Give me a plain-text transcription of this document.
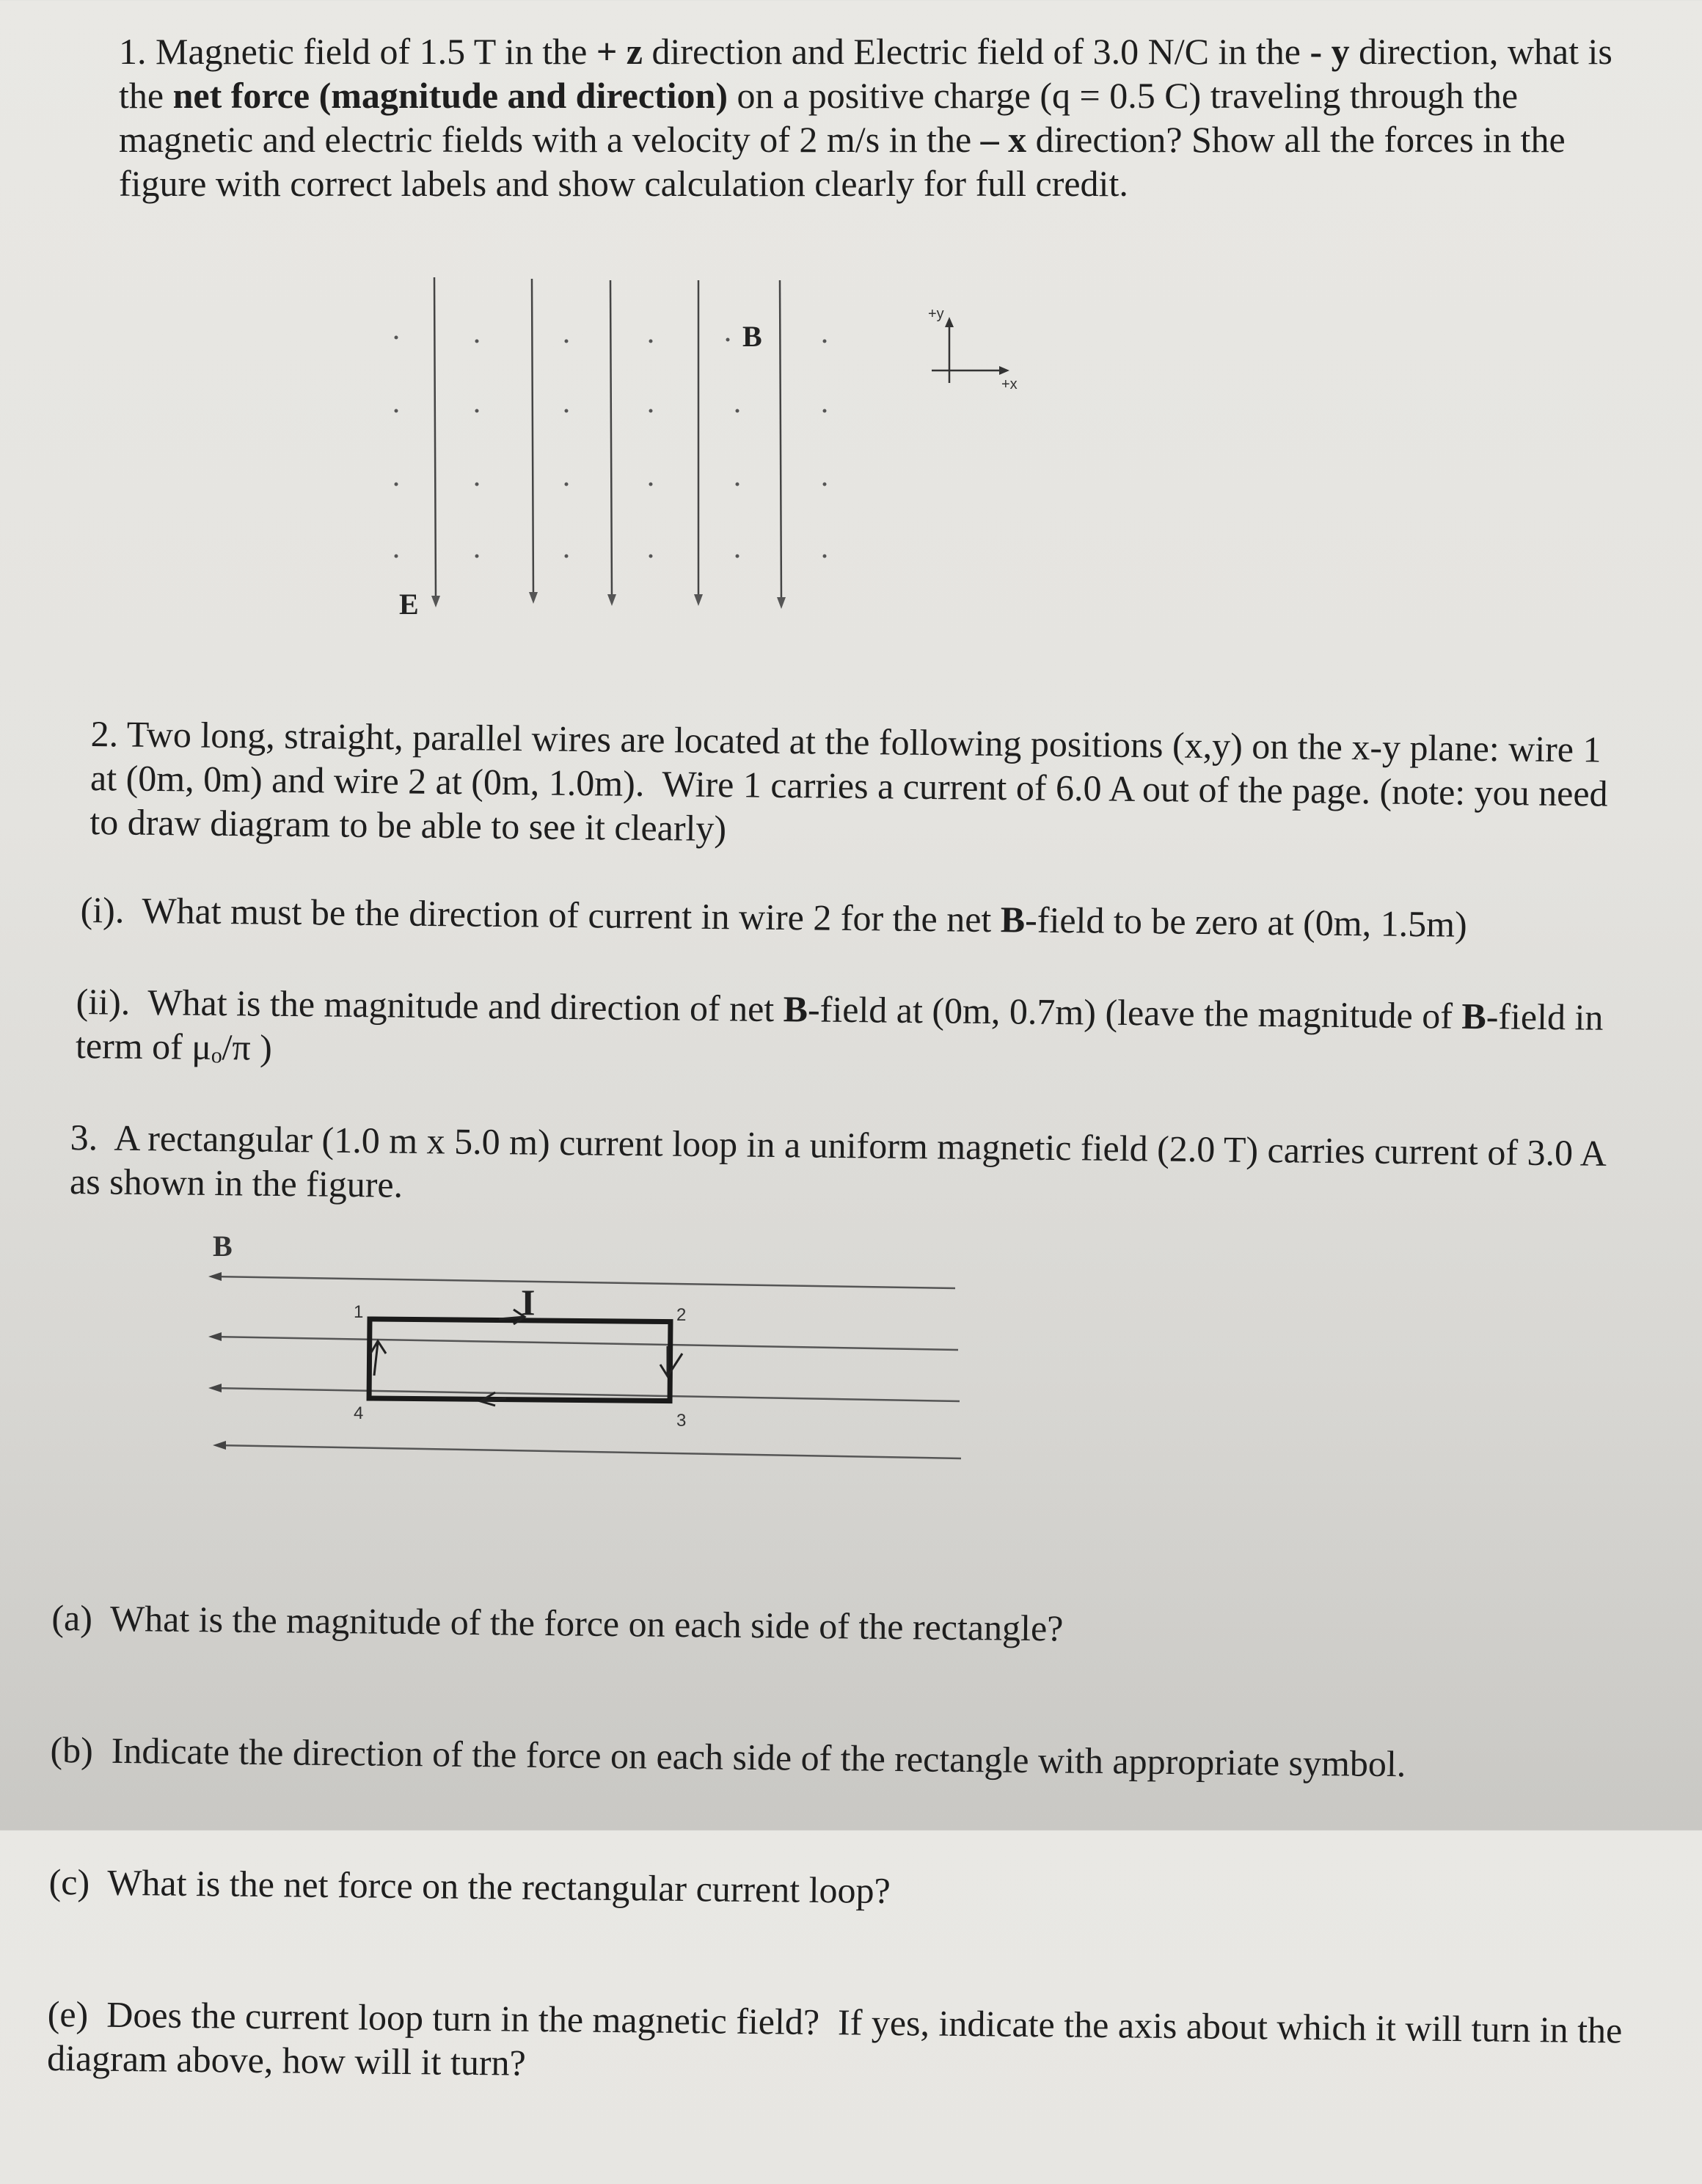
1. Magnetic field of 1.5 T in the + z direction and Electric field of 3.0 N/C in the - y direction, what is the net force (magnitude and direction) on a positive charge (q = 0.5 C) traveling through the magnetic and electric fields with a velocity of 2 m/s in the – x direction? Show all the forces in the figure with correct labels and show calculation clearly for full credit.

B
E
+y
+x

2. Two long, straight, parallel wires are located at the following positions (x,y) on the x-y plane: wire 1 at (0m, 0m) and wire 2 at (0m, 1.0m).  Wire 1 carries a current of 6.0 A out of the page. (note: you need to draw diagram to be able to see it clearly)

(i).  What must be the direction of current in wire 2 for the net B-field to be zero at (0m, 1.5m)

(ii).  What is the magnitude and direction of net B-field at (0m, 0.7m) (leave the magnitude of B-field in term of μₒ/π )

3.  A rectangular (1.0 m x 5.0 m) current loop in a uniform magnetic field (2.0 T) carries current of 3.0 A as shown in the figure.

B
I
1	2
3
4

(a)  What is the magnitude of the force on each side of the rectangle?

(b)  Indicate the direction of the force on each side of the rectangle with appropriate symbol.

(c)  What is the net force on the rectangular current loop?

(e)  Does the current loop turn in the magnetic field?  If yes, indicate the axis about which it will turn in the diagram above, how will it turn?
